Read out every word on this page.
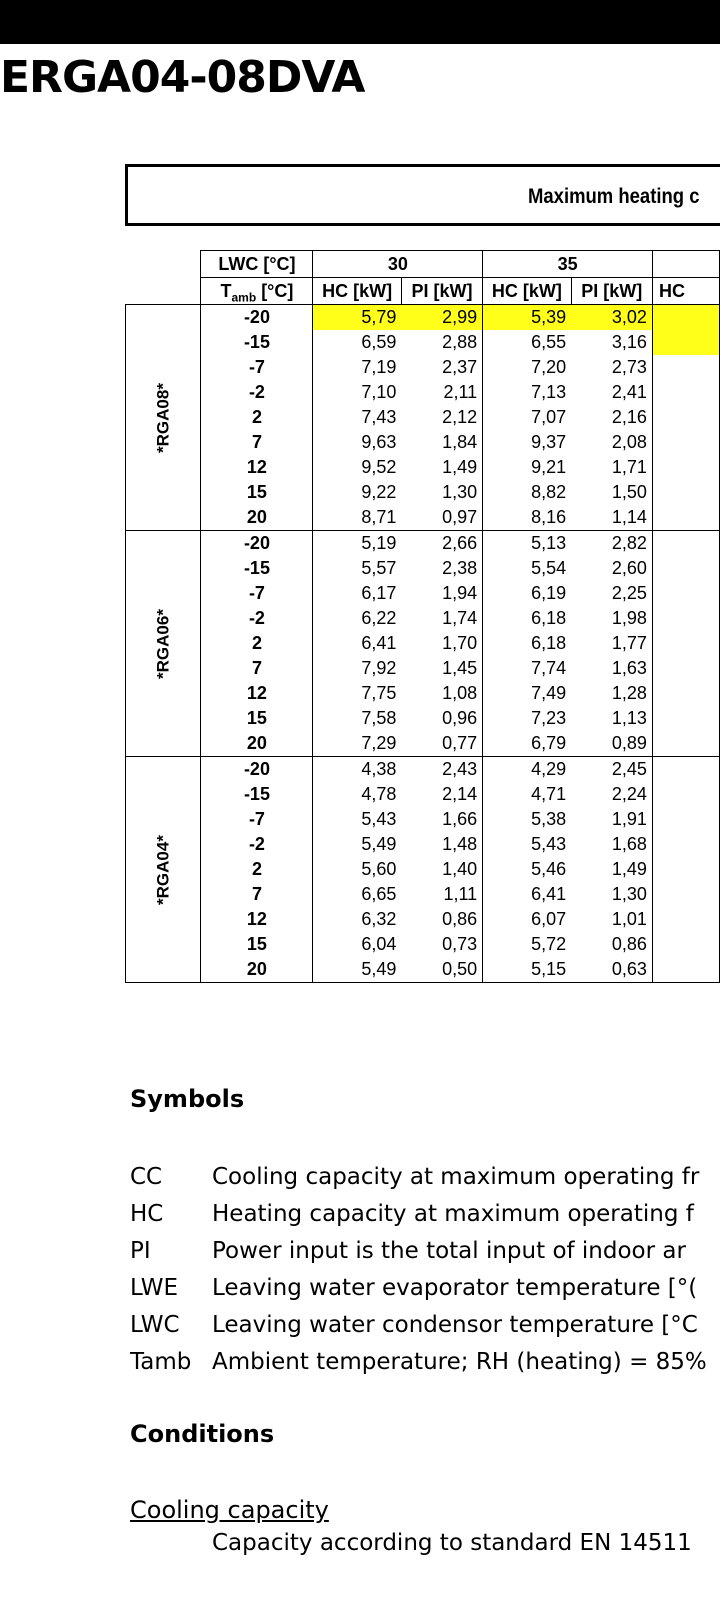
ERGA04-08DVA
Maximum heating c
	LWC [°C]	30		35		
	$T_{amb}$ [°C]	HC [kW]	PI [kW]	HC [kW]	PI [kW]	HC

*RGA08*	-20	5,79	2,99	5,39	3,02	
	-15	6,59	2,88	6,55	3,16	
	-7	7,19	2,37	7,20	2,73	
	-2	7,10	2,11	7,13	2,41	
	2	7,43	2,12	7,07	2,16	
	7	9,63	1,84	9,37	2,08	
	12	9,52	1,49	9,21	1,71	
	15	9,22	1,30	8,82	1,50	
	20	8,71	0,97	8,16	1,14	

*RGA06*	-20	5,19	2,66	5,13	2,82	
	-15	5,57	2,38	5,54	2,60	
	-7	6,17	1,94	6,19	2,25	
	-2	6,22	1,74	6,18	1,98	
	2	6,41	1,70	6,18	1,77	
	7	7,92	1,45	7,74	1,63	
	12	7,75	1,08	7,49	1,28	
	15	7,58	0,96	7,23	1,13	
	20	7,29	0,77	6,79	0,89	

*RGA04*	-20	4,38	2,43	4,29	2,45	
	-15	4,78	2,14	4,71	2,24	
	-7	5,43	1,66	5,38	1,91	
	-2	5,49	1,48	5,43	1,68	
	2	5,60	1,40	5,46	1,49	
	7	6,65	1,11	6,41	1,30	
	12	6,32	0,86	6,07	1,01	
	15	6,04	0,73	5,72	0,86	
	20	5,49	0,50	5,15	0,63	
Symbols
CC Cooling capacity at maximum operating fr
HC Heating capacity at maximum operating f
PI	Power input is the total input of indoor ar
LWE Leaving water evaporator temperature [°(
LWC Leaving water condensor temperature [°C
Tamb Ambient temperature; RH (heating) = 85%
Conditions
Cooling capacity
Capacity according to standard EN 14511
